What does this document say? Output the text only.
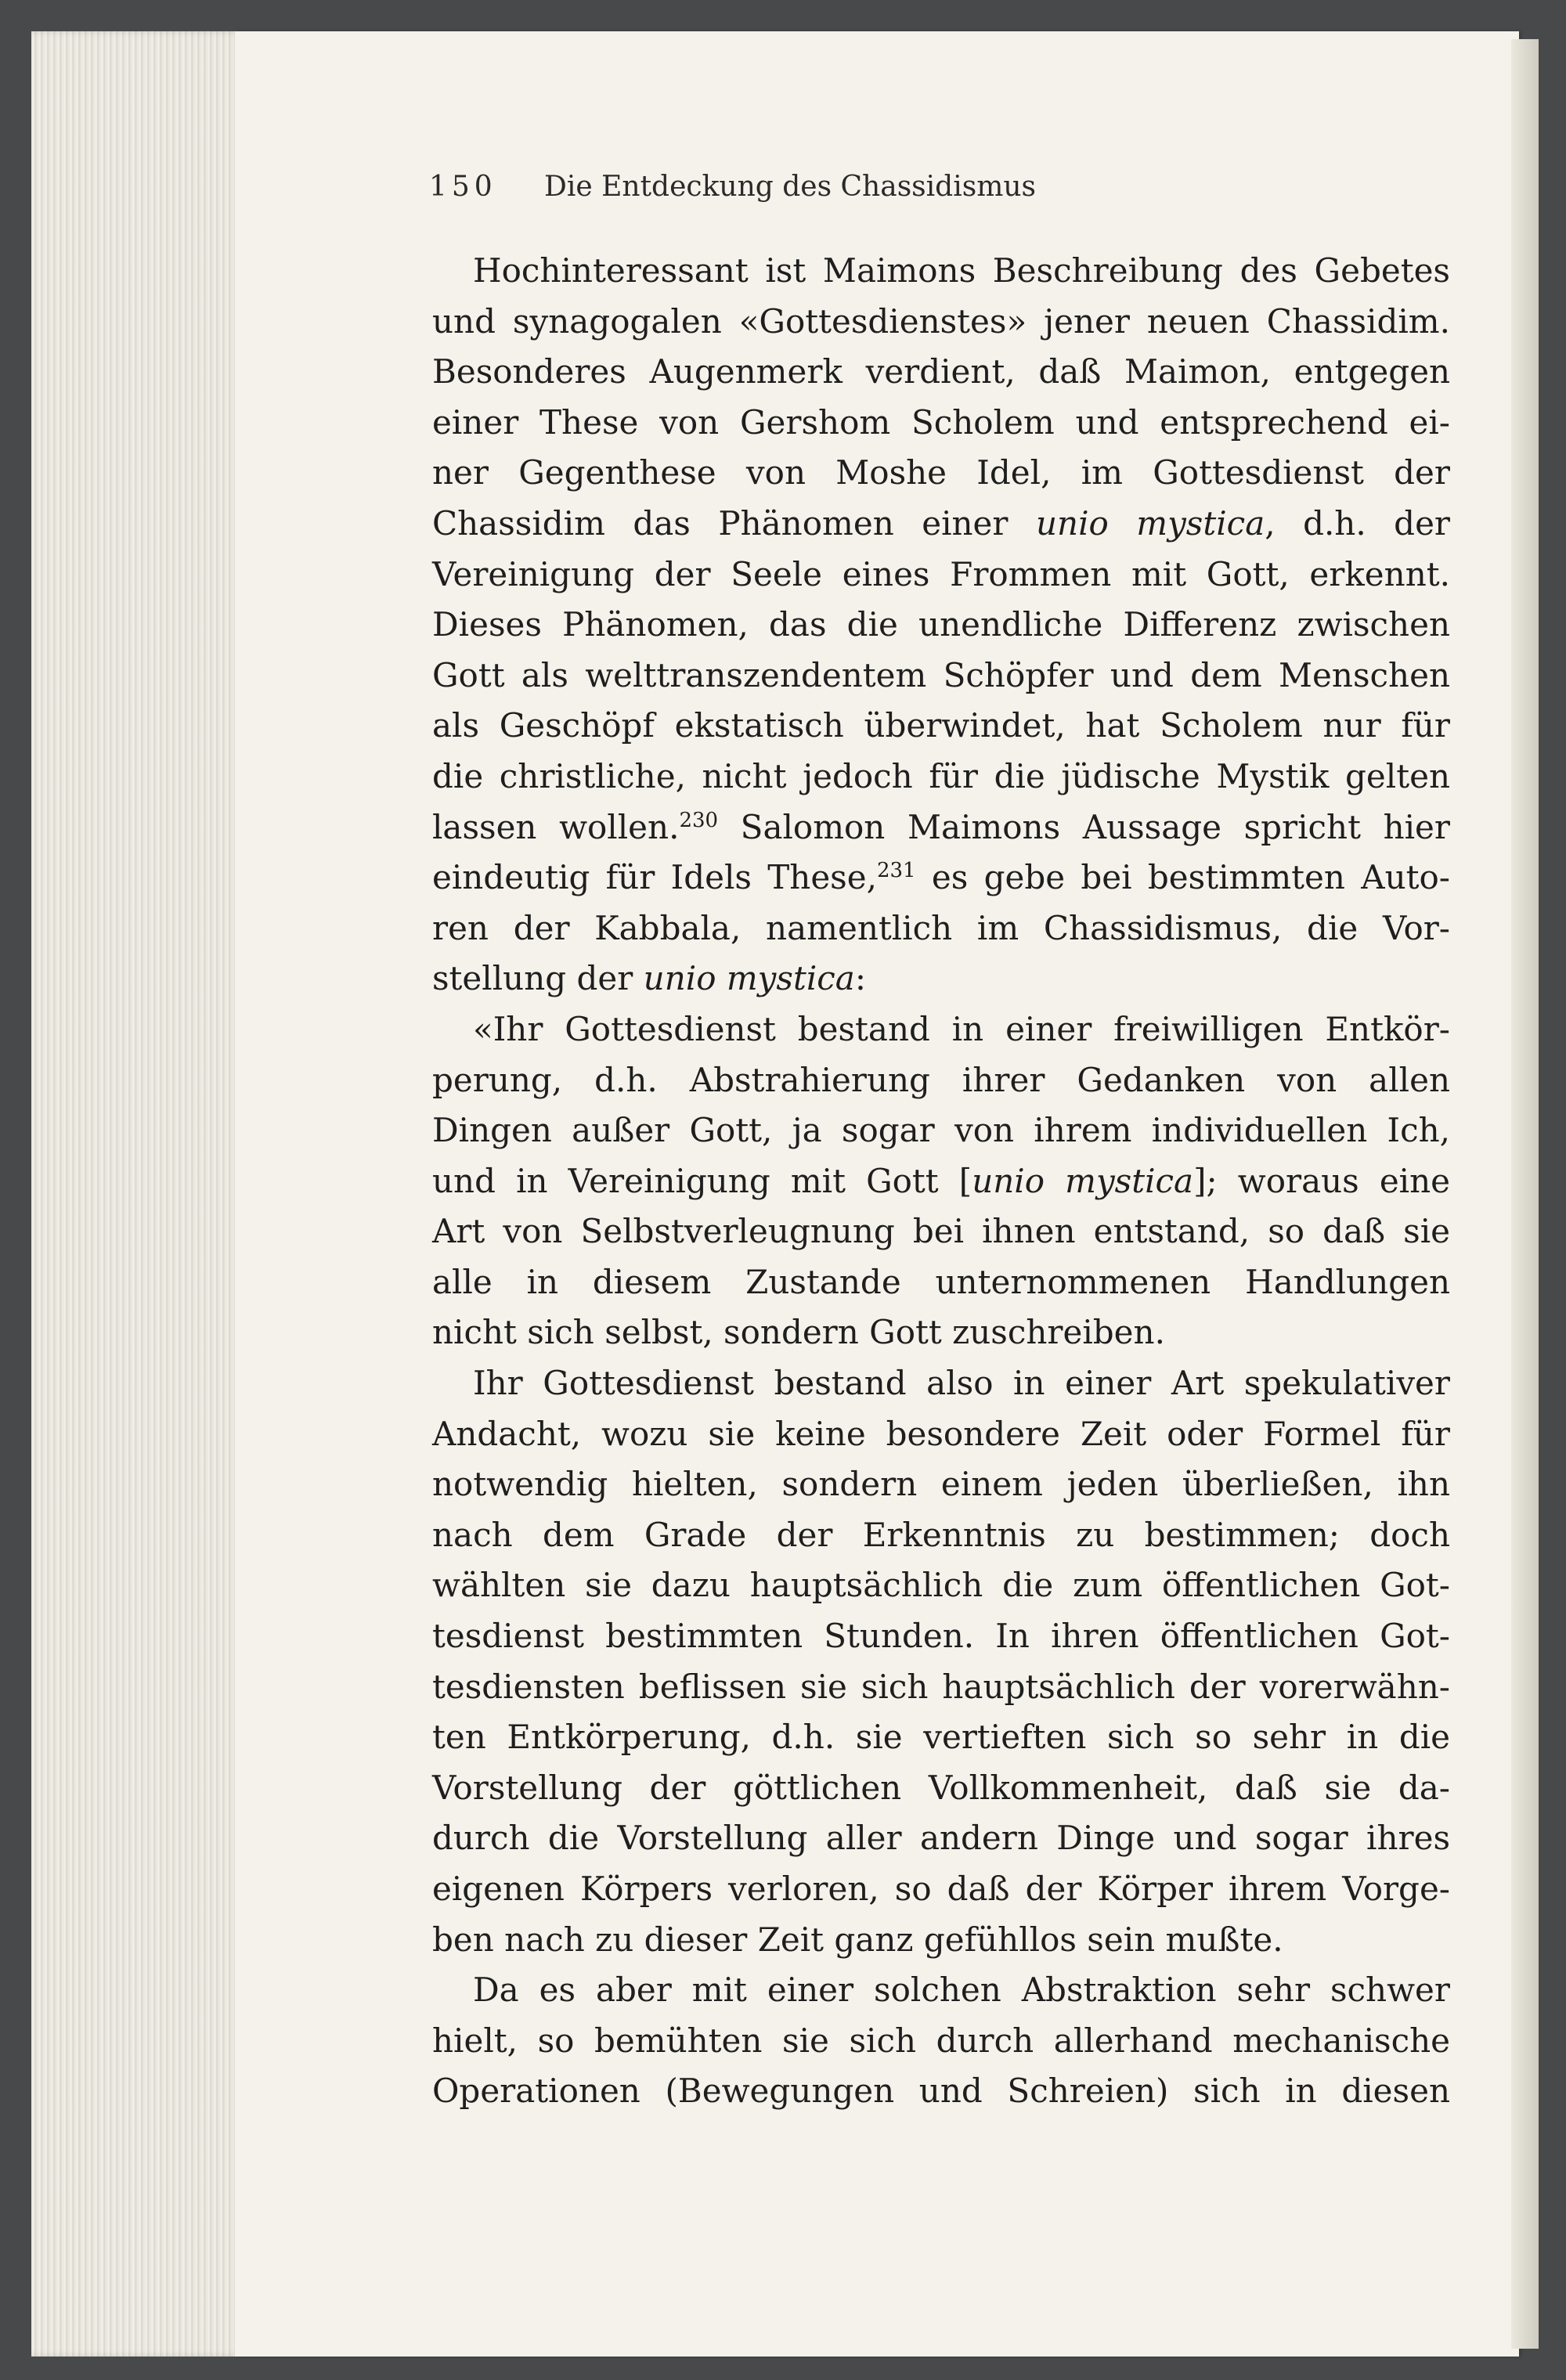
150 Die Entdeckung des Chassidismus
Hochinteressant ist Maimons Beschreibung des Gebetes
und synagogalen «Gottesdienstes» jener neuen Chassidim.
Besonderes Augenmerk verdient, daß Maimon, entgegen
einer These von Gershom Scholem und entsprechend ei-
ner Gegenthese von Moshe Idel, im Gottesdienst der
Chassidim das Phänomen einer unio mystica, d.h. der
Vereinigung der Seele eines Frommen mit Gott, erkennt.
Dieses Phänomen, das die unendliche Differenz zwischen
Gott als welttranszendentem Schöpfer und dem Menschen
als Geschöpf ekstatisch überwindet, hat Scholem nur für
die christliche, nicht jedoch für die jüdische Mystik gelten
lassen wollen.$^{230}$ Salomon Maimons Aussage spricht hier
eindeutig für Idels These,$^{231}$ es gebe bei bestimmten Auto-
ren der Kabbala, namentlich im Chassidismus, die Vor-
stellung der unio mystica:
«Ihr Gottesdienst bestand in einer freiwilligen Entkör-
perung, d.h. Abstrahierung ihrer Gedanken von allen
Dingen außer Gott, ja sogar von ihrem individuellen Ich,
und in Vereinigung mit Gott [unio mystica]; woraus eine
Art von Selbstverleugnung bei ihnen entstand, so daß sie
alle in diesem Zustande unternommenen Handlungen
nicht sich selbst, sondern Gott zuschreiben.
Ihr Gottesdienst bestand also in einer Art spekulativer
Andacht, wozu sie keine besondere Zeit oder Formel für
notwendig hielten, sondern einem jeden überließen, ihn
nach dem Grade der Erkenntnis zu bestimmen; doch
wählten sie dazu hauptsächlich die zum öffentlichen Got-
tesdienst bestimmten Stunden. In ihren öffentlichen Got-
tesdiensten beflissen sie sich hauptsächlich der vorerwähn-
ten Entkörperung, d.h. sie vertieften sich so sehr in die
Vorstellung der göttlichen Vollkommenheit, daß sie da-
durch die Vorstellung aller andern Dinge und sogar ihres
eigenen Körpers verloren, so daß der Körper ihrem Vorge-
ben nach zu dieser Zeit ganz gefühllos sein mußte.
Da es aber mit einer solchen Abstraktion sehr schwer
hielt, so bemühten sie sich durch allerhand mechanische
Operationen (Bewegungen und Schreien) sich in diesen
